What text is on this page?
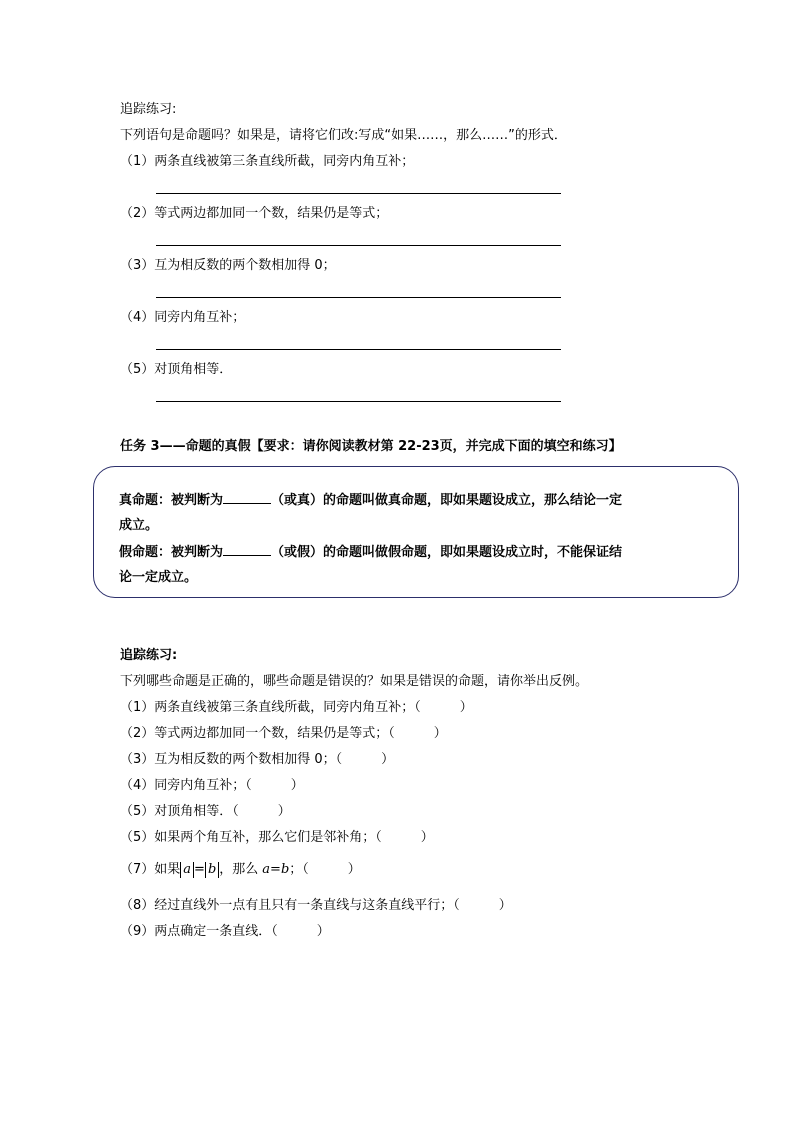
追踪练习:
下列语句是命题吗？如果是，请将它们改:写成“如果……，那么……”的形式．
（1）两条直线被第三条直线所截，同旁内角互补；
（2）等式两边都加同一个数，结果仍是等式；
（3）互为相反数的两个数相加得 0；
（4）同旁内角互补；
（5）对顶角相等．
任务 3——命题的真假【要求：请你阅读教材第 22-23页，并完成下面的填空和练习】
真命题：被判断为	（或真）的命题叫做真命题，即如果题设成立，那么结论一定
成立。
假命题：被判断为	（或假）的命题叫做假命题，即如果题设成立时，不能保证结
论一定成立。
追踪练习:
下列哪些命题是正确的，哪些命题是错误的？如果是错误的命题，请你举出反例。
（1）两条直线被第三条直线所截，同旁内角互补；（　　　）
（2）等式两边都加同一个数，结果仍是等式；（　　　）
（3）互为相反数的两个数相加得 0；（　　　）
（4）同旁内角互补；（　　　）
（5）对顶角相等．（　　　）
（5）如果两个角互补，那么它们是邻补角；（　　　）
（7）如果 a = b ，那么 a=b；（　　　）
（8）经过直线外一点有且只有一条直线与这条直线平行；（　　　）
（9）两点确定一条直线．（　　　）
